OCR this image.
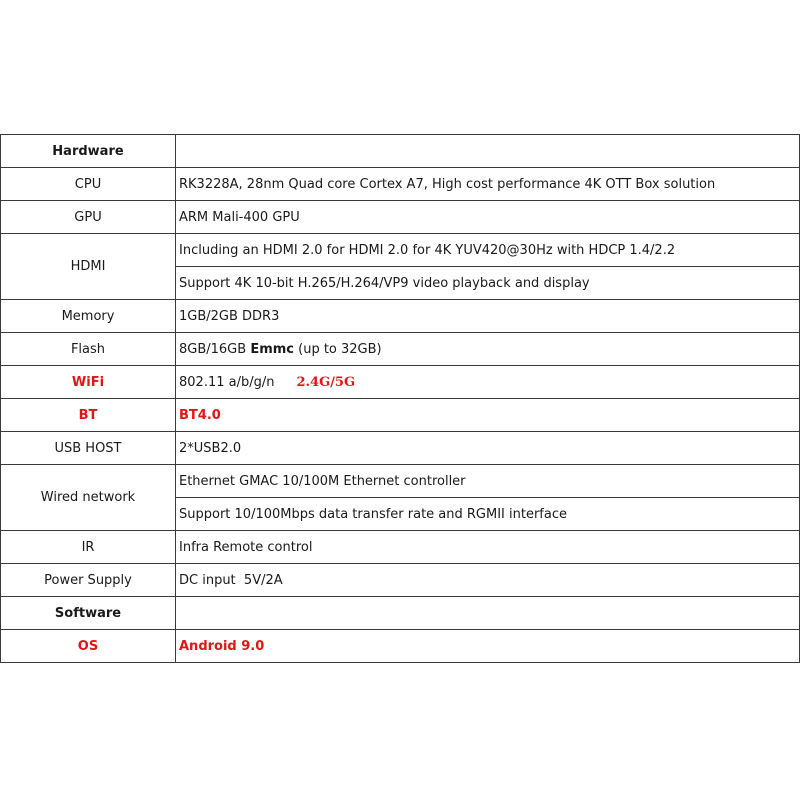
Hardware	
CPU	RK3228A, 28nm Quad core Cortex A7, High cost performance 4K OTT Box solution
GPU	ARM Mali-400 GPU
HDMI	Including an HDMI 2.0 for HDMI 2.0 for 4K YUV420@30Hz with HDCP 1.4/2.2
	Support 4K 10-bit H.265/H.264/VP9 video playback and display
Memory	1GB/2GB DDR3
Flash	8GB/16GB Emmc (up to 32GB)
WiFi	802.11 a/b/g/n 2.4G/5G
BT	BT4.0
USB HOST	2*USB2.0
Wired network	Ethernet GMAC 10/100M Ethernet controller
	Support 10/100Mbps data transfer rate and RGMII interface
IR	Infra Remote control
Power Supply	DC input  5V/2A
Software	
OS	Android 9.0
